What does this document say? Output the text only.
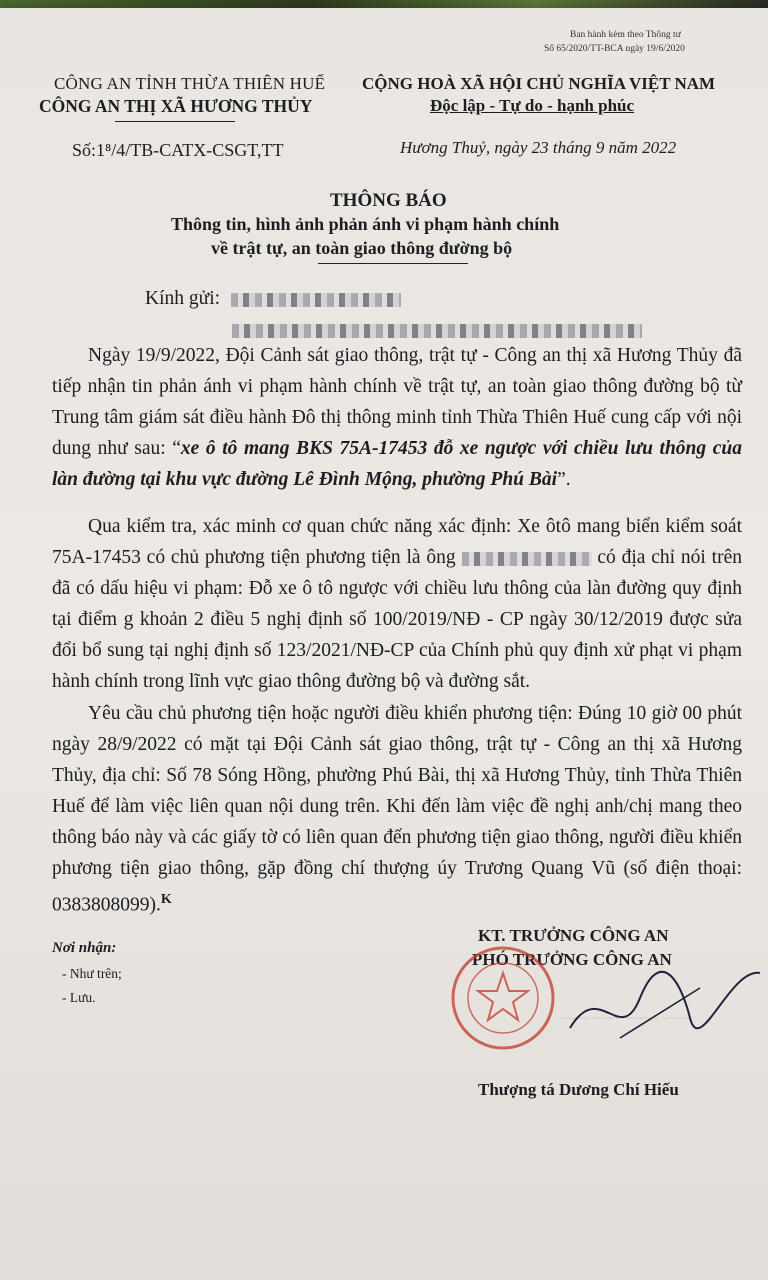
Ban hành kèm theo Thông tư
Số 65/2020/TT-BCA ngày 19/6/2020
CÔNG AN TỈNH THỪA THIÊN HUẾ
CÔNG AN THỊ XÃ HƯƠNG THỦY
CỘNG HOÀ XÃ HỘI CHỦ NGHĨA VIỆT NAM
Độc lập - Tự do - hạnh phúc
Số:1⁸/4/TB-CATX-CSGT,TT	Hương Thuỷ, ngày 23 tháng 9 năm 2022
THÔNG BÁO
Thông tin, hình ảnh phản ánh vi phạm hành chính
về trật tự, an toàn giao thông đường bộ
Kính gửi:
Ngày 19/9/2022, Đội Cảnh sát giao thông, trật tự - Công an thị xã Hương Thủy đã tiếp nhận tin phản ánh vi phạm hành chính về trật tự, an toàn giao thông đường bộ từ Trung tâm giám sát điều hành Đô thị thông minh tỉnh Thừa Thiên Huế cung cấp với nội dung như sau: “xe ô tô mang BKS 75A-17453 đỗ xe ngược với chiều lưu thông của làn đường tại khu vực đường Lê Đình Mộng, phường Phú Bài”.
Qua kiểm tra, xác minh cơ quan chức năng xác định: Xe ôtô mang biển kiểm soát 75A-17453 có chủ phương tiện phương tiện là ông	có địa chỉ nói trên đã có dấu hiệu vi phạm: Đỗ xe ô tô ngược với chiều lưu thông của làn đường quy định tại điểm g khoản 2 điều 5 nghị định số 100/2019/NĐ - CP ngày 30/12/2019 được sửa đổi bổ sung tại nghị định số 123/2021/NĐ-CP của Chính phủ quy định xử phạt vi phạm hành chính trong lĩnh vực giao thông đường bộ và đường sắt.
Yêu cầu chủ phương tiện hoặc người điều khiển phương tiện: Đúng 10 giờ 00 phút ngày 28/9/2022 có mặt tại Đội Cảnh sát giao thông, trật tự - Công an thị xã Hương Thủy, địa chỉ: Số 78 Sóng Hồng, phường Phú Bài, thị xã Hương Thủy, tỉnh Thừa Thiên Huế để làm việc liên quan nội dung trên. Khi đến làm việc đề nghị anh/chị mang theo thông báo này và các giấy tờ có liên quan đến phương tiện giao thông, người điều khiển phương tiện giao thông, gặp đồng chí thượng úy Trương Quang Vũ (số điện thoại: 0383808099).$^K$
Nơi nhận:
- Như trên;
- Lưu.
~~~~ ~~~~ ~~~~~ ~~~~
KT. TRƯỞNG CÔNG AN
PHÓ TRƯỞNG CÔNG AN
Thượng tá Dương Chí Hiếu
